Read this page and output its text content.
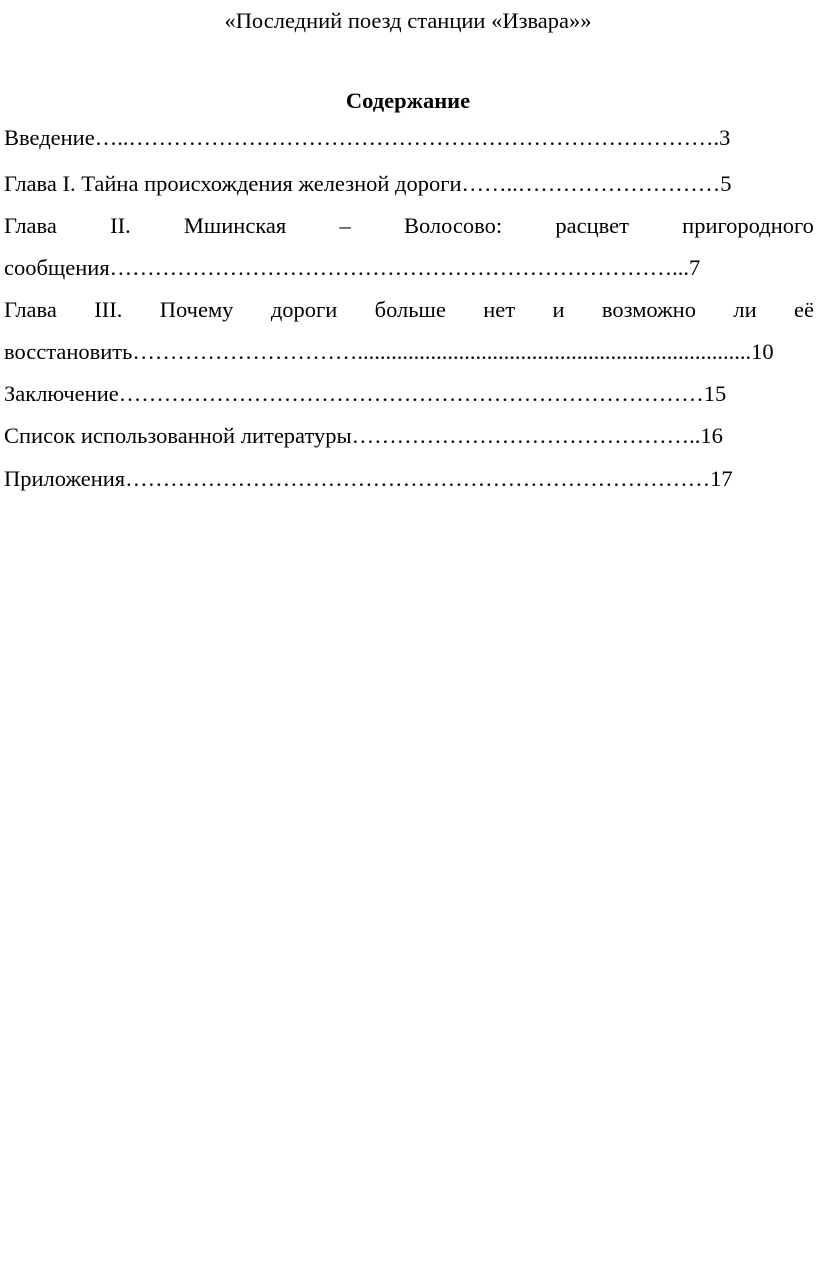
«Последний поезд станции «Извара»»
Содержание
Введение…..…………………………………………………………………….3
Глава I. Тайна происхождения железной дороги……..………………………5
Глава II. Мшинская – Волосово: расцвет пригородного
сообщения…………………………………………………………………...7
Глава III. Почему дороги больше нет и возможно ли её
восстановить…………………………......................................................................10
Заключение……………………………………………………………………15
Список использованной литературы………………………………………..16
Приложения……………………………………………………………………17
